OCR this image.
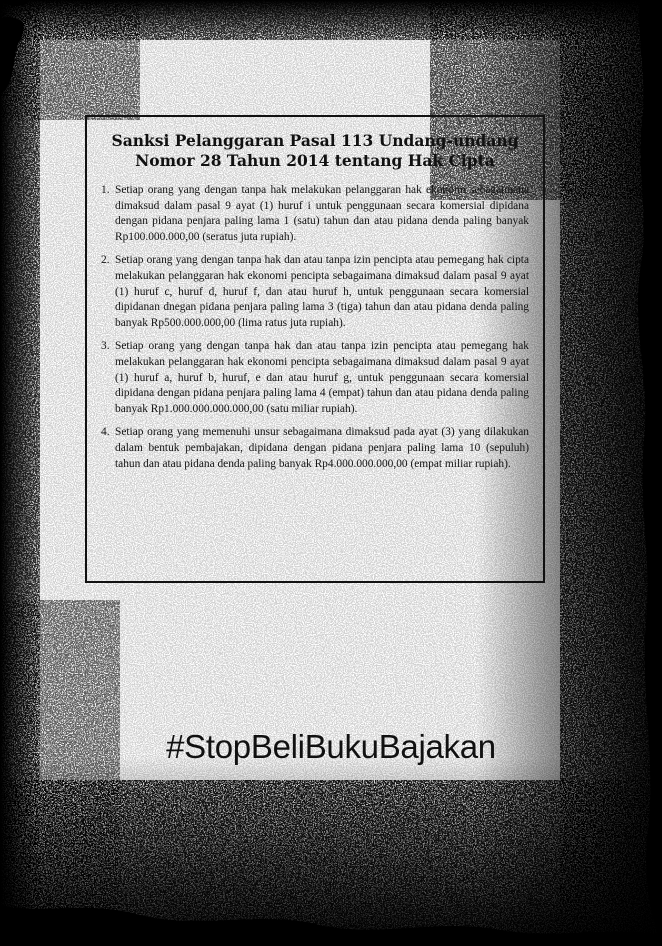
Sanksi Pelanggaran Pasal 113 Undang-undang
Nomor 28 Tahun 2014 tentang Hak Cipta
1. Setiap orang yang dengan tanpa hak melakukan pelanggaran hak ekonomi sebagaimana dimaksud dalam pasal 9 ayat (1) huruf i untuk penggunaan secara komersial dipidana dengan pidana penjara paling lama 1 (satu) tahun dan atau pidana denda paling banyak Rp100.000.000,00 (seratus juta rupiah).
2. Setiap orang yang dengan tanpa hak dan atau tanpa izin pencipta atau pemegang hak cipta melakukan pelanggaran hak ekonomi pencipta sebagaimana dimaksud dalam pasal 9 ayat (1) huruf c, huruf d, huruf f, dan atau huruf h, untuk penggunaan secara komersial dipidanan dnegan pidana penjara paling lama 3 (tiga) tahun dan atau pidana denda paling banyak Rp500.000.000,00 (lima ratus juta rupiah).
3. Setiap orang yang dengan tanpa hak dan atau tanpa izin pencipta atau pemegang hak melakukan pelanggaran hak ekonomi pencipta sebagaimana dimaksud dalam pasal 9 ayat (1) huruf a, huruf b, huruf, e dan atau huruf g, untuk penggunaan secara komersial dipidana dengan pidana penjara paling lama 4 (empat) tahun dan atau pidana denda paling banyak Rp1.000.000.000.000,00 (satu miliar rupiah).
4. Setiap orang yang memenuhi unsur sebagaimana dimaksud pada ayat (3) yang dilakukan dalam bentuk pembajakan, dipidana dengan pidana penjara paling lama 10 (sepuluh) tahun dan atau pidana denda paling banyak Rp4.000.000.000,00 (empat miliar rupiah).
#StopBeliBukuBajakan
